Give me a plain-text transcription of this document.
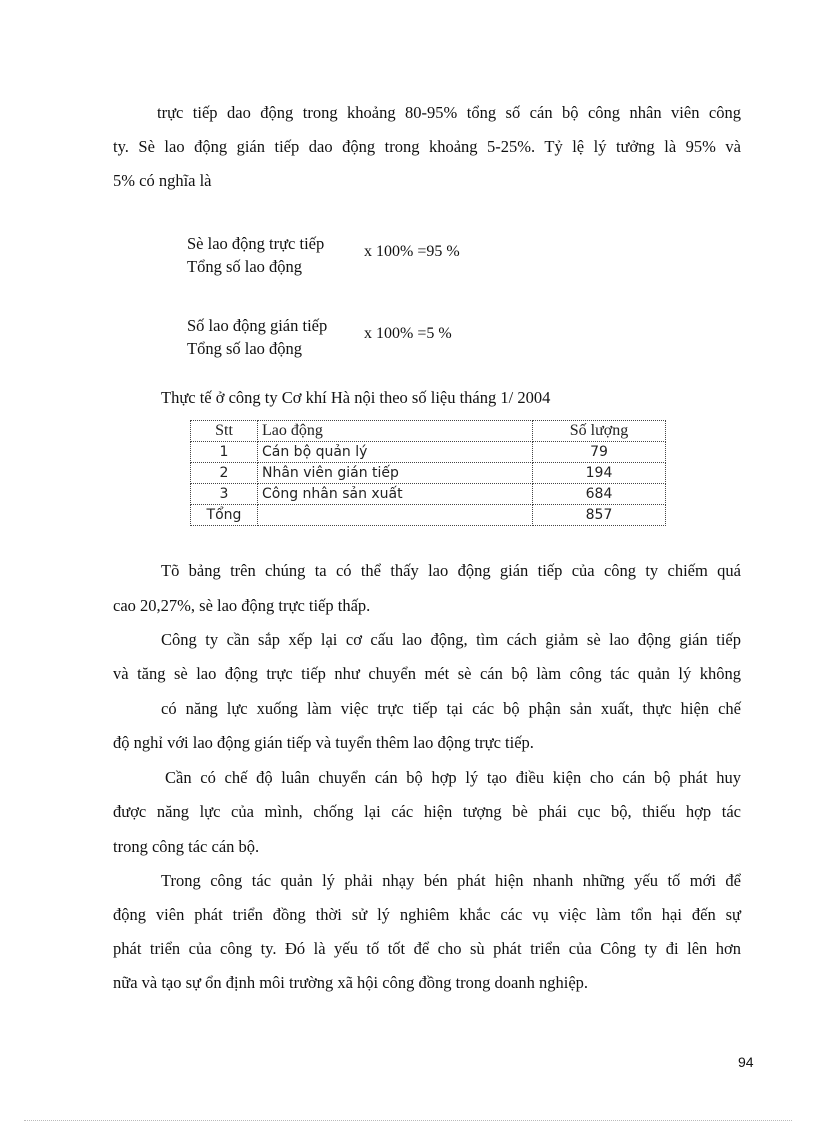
trực tiếp dao động trong khoảng 80-95% tổng số cán bộ công nhân viên công
ty. Sè lao động gián tiếp dao động trong khoảng 5-25%. Tỷ lệ lý tưởng là 95% và
5% có nghĩa là
Sè lao động trực tiếp
Tổng số lao động
x 100% =95 %
Số lao động gián tiếp
Tổng số lao động
x 100% =5 %
Thực tế ở công ty Cơ khí Hà nội theo số liệu tháng 1/ 2004
Stt	Lao động	Số lượng
1	Cán bộ quản lý	79
2	Nhân viên gián tiếp	194
3	Công nhân sản xuất	684
Tổng		857
Tõ bảng trên chúng ta có thể thấy lao động gián tiếp của công ty chiếm quá
cao 20,27%, sè lao động trực tiếp thấp.
Công ty cần sắp xếp lại cơ cấu lao động, tìm cách giảm sè lao động gián tiếp
và tăng sè lao động trực tiếp như chuyển mét sè cán bộ làm công tác quản lý không
có năng lực xuống làm việc trực tiếp tại các bộ phận sản xuất, thực hiện chế
độ nghỉ với lao động gián tiếp và tuyển thêm lao động trực tiếp.
Cần có chế độ luân chuyển cán bộ hợp lý tạo điều kiện cho cán bộ phát huy
được năng lực của mình, chống lại các hiện tượng bè phái cục bộ, thiếu hợp tác
trong công tác cán bộ.
Trong công tác quản lý phải nhạy bén phát hiện nhanh những yếu tố mới để
động viên phát triển đồng thời sử lý nghiêm khắc các vụ việc làm tổn hại đến sự
phát triển của công ty. Đó là yếu tố tốt để cho sù phát triển của Công ty đi lên hơn
nữa và tạo sự ổn định môi trường xã hội công đồng trong doanh nghiệp.
94
